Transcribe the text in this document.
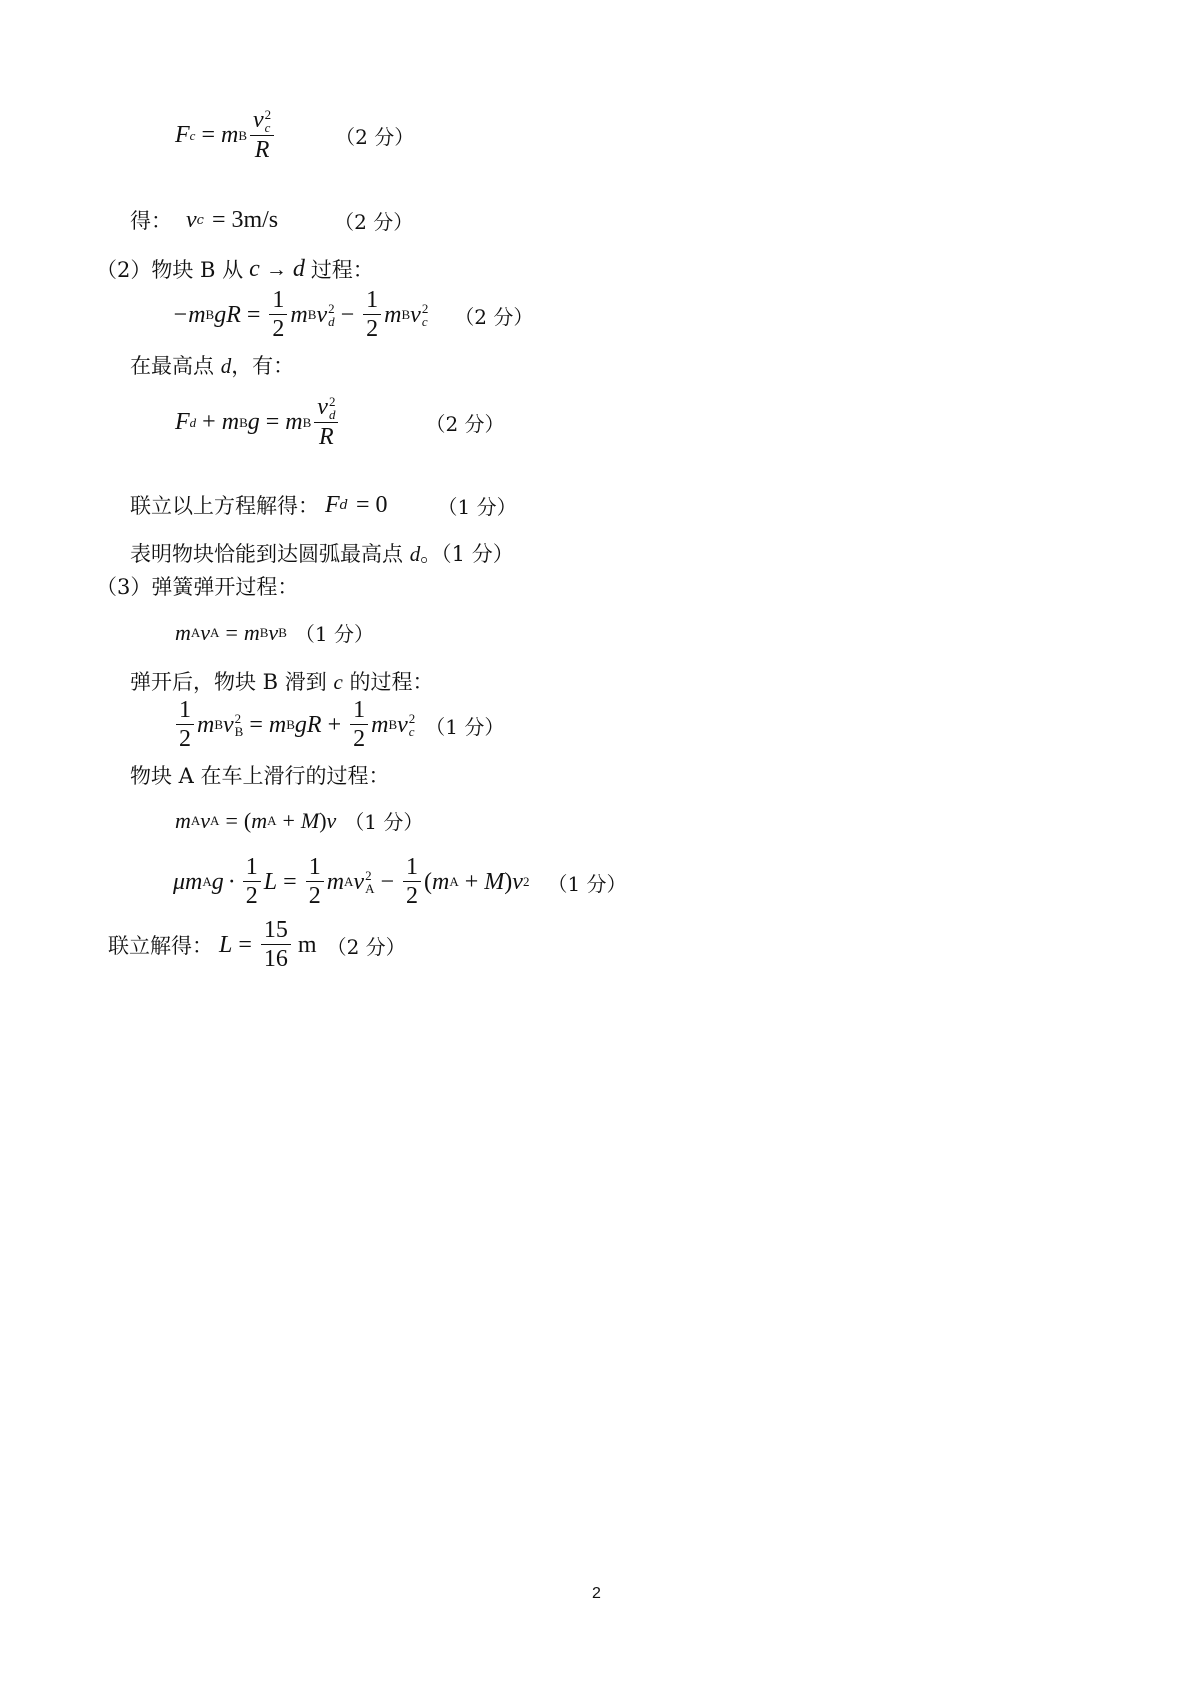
F c = m B v 2
c
R	（2 分）
得： v c = 3m/s	（2 分）
（2）物块 B 从 c → d 过程：
−m B gR = $\frac{1}{2}$ m B v 2
$d - \frac{1}{2}$ m B v 2
c （2 分）
在最高点 d，有：
F d + m B g = m B v 2
d
R	（2 分）
联立以上方程解得： F d = 0	（1 分）
表明物块恰能到达圆弧最高点 d。（1 分）
（3）弹簧弹开过程：
m A v A = m B v B （1 分）
弹开后，物块 B 滑到 c 的过程：
$\frac{1}{2}$ m B v 2
B = m B gR + $\frac{1}{2}$ m B v 2
c （1 分）
物块 A 在车上滑行的过程：
m A v A = ( m A + M ) v （1 分）
μ m A $g \cdot \frac{1}{2}$ $L = \frac{1}{2}$ m A v 2
$A - \frac{1}{2}$ ( m A + M ) v 2 （1 分）
联立解得： $L = \frac{15}{16}$ m （2 分）
2
